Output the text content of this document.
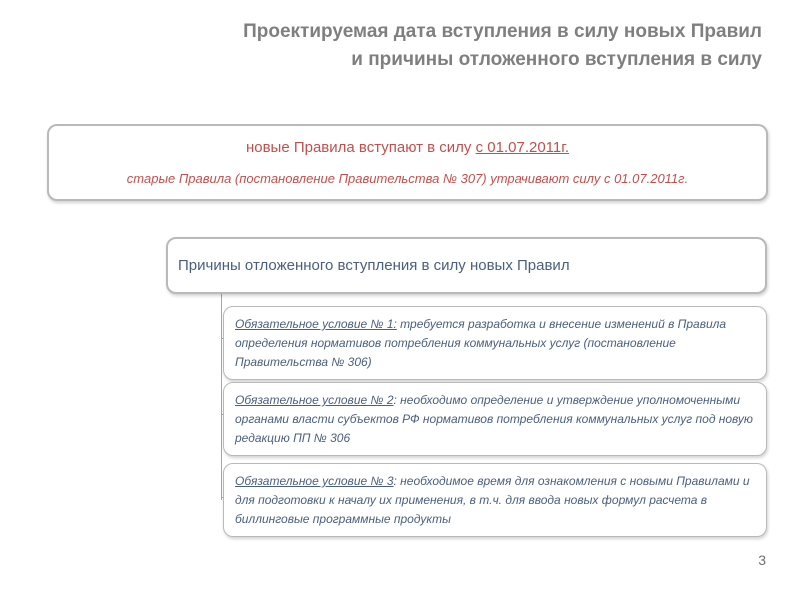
Проектируемая дата вступления в силу новых Правил
и причины отложенного вступления в силу
новые Правила вступают в силу с 01.07.2011г.
старые Правила (постановление Правительства № 307) утрачивают силу с 01.07.2011г.
Причины отложенного вступления в силу новых Правил
Обязательное условие № 1: требуется разработка и внесение изменений в Правила определения нормативов потребления коммунальных услуг (постановление Правительства № 306)
Обязательное условие № 2: необходимо определение и утверждение уполномоченными органами власти субъектов РФ нормативов потребления коммунальных услуг под новую редакцию ПП № 306
Обязательное условие № 3: необходимое время для ознакомления с новыми Правилами и для подготовки к началу их применения, в т.ч. для ввода новых формул расчета в биллинговые программные продукты
3
